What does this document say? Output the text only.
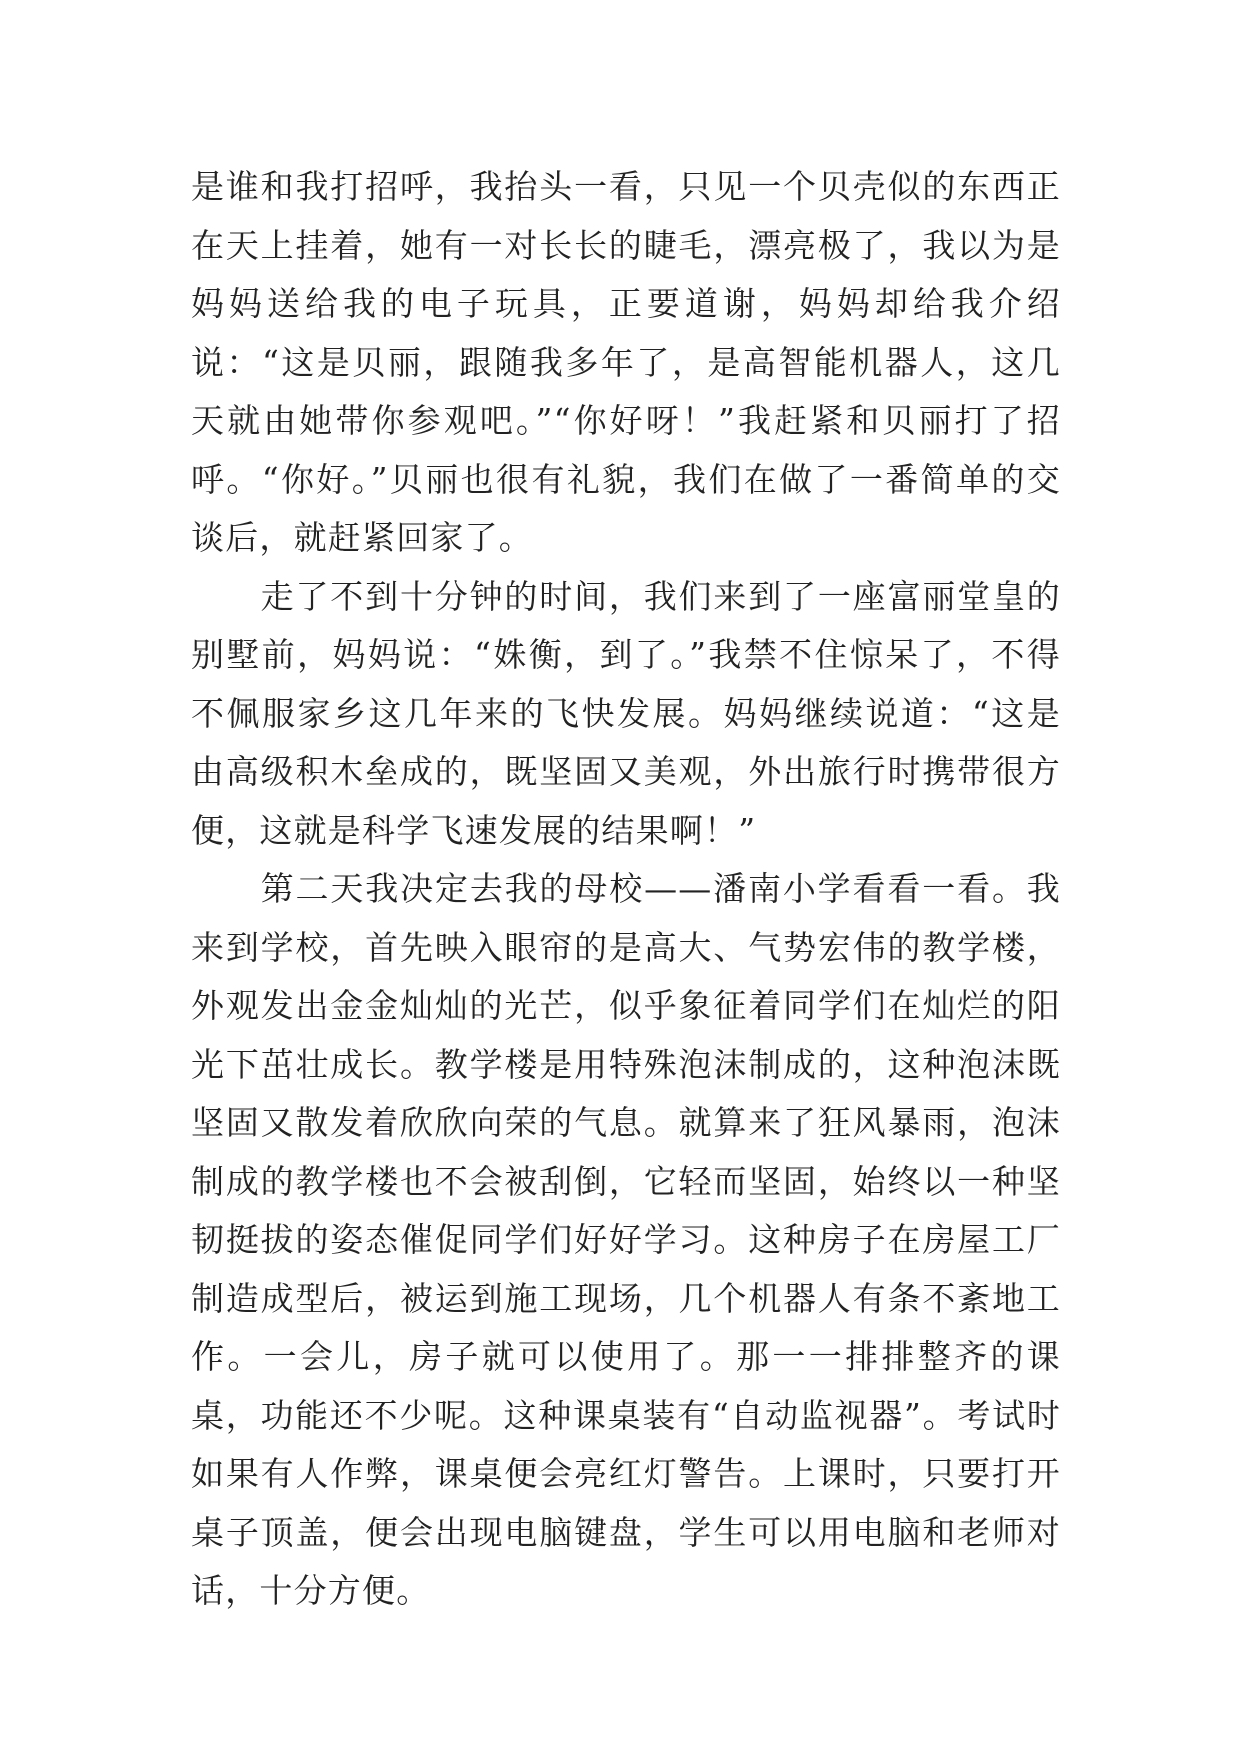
是谁和我打招呼，我抬头一看，只见一个贝壳似的东西正在天上挂着，她有一对长长的睫毛，漂亮极了，我以为是妈妈送给我的电子玩具，正要道谢，妈妈却给我介绍说：“这是贝丽，跟随我多年了，是高智能机器人，这几天就由她带你参观吧。”“你好呀！”我赶紧和贝丽打了招呼。“你好。”贝丽也很有礼貌，我们在做了一番简单的交谈后，就赶紧回家了。

　　走了不到十分钟的时间，我们来到了一座富丽堂皇的别墅前，妈妈说：“姝衡，到了。”我禁不住惊呆了，不得不佩服家乡这几年来的飞快发展。妈妈继续说道：“这是由高级积木垒成的，既坚固又美观，外出旅行时携带很方便，这就是科学飞速发展的结果啊！”

　　第二天我决定去我的母校——潘南小学看看一看。我来到学校，首先映入眼帘的是高大、气势宏伟的教学楼，外观发出金金灿灿的光芒，似乎象征着同学们在灿烂的阳光下茁壮成长。教学楼是用特殊泡沫制成的，这种泡沫既坚固又散发着欣欣向荣的气息。就算来了狂风暴雨，泡沫制成的教学楼也不会被刮倒，它轻而坚固，始终以一种坚韧挺拔的姿态催促同学们好好学习。这种房子在房屋工厂制造成型后，被运到施工现场，几个机器人有条不紊地工作。一会儿，房子就可以使用了。那一一排排整齐的课桌，功能还不少呢。这种课桌装有“自动监视器”。考试时如果有人作弊，课桌便会亮红灯警告。上课时，只要打开桌子顶盖，便会出现电脑键盘，学生可以用电脑和老师对话，十分方便。
